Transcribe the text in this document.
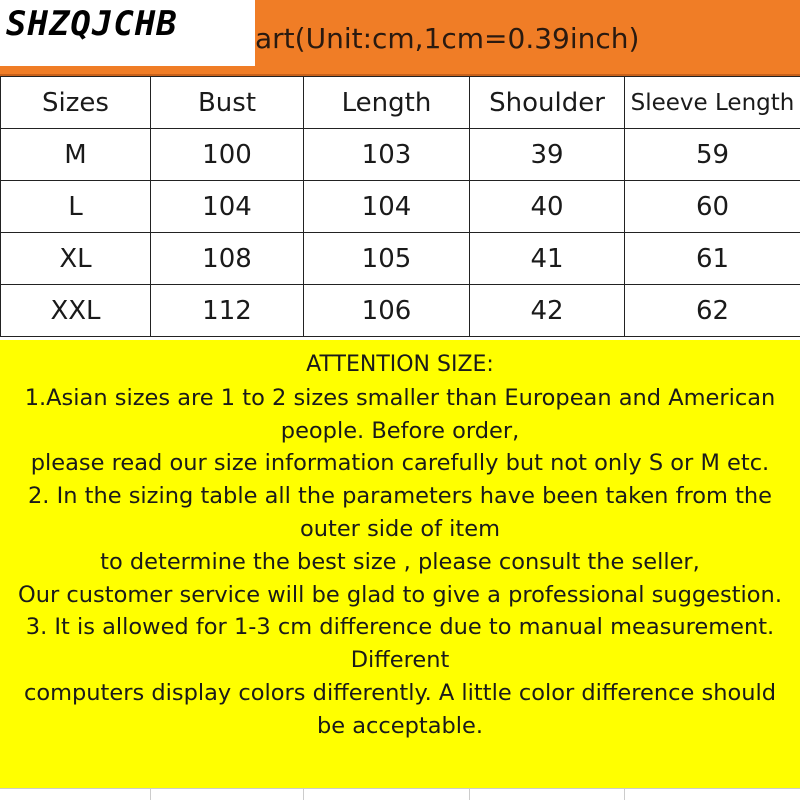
art(Unit:cm,1cm=0.39inch)
SHZQJCHB
Sizes	Bust	Length	Shoulder	Sleeve Length
M	100	103	39	59
L	104	104	40	60
XL	108	105	41	61
XXL	112	106	42	62
ATTENTION SIZE:
1.Asian sizes are 1 to 2 sizes smaller than European and American
people. Before order,
please read our size information carefully but not only S or M etc.
2. In the sizing table all the parameters have been taken from the
outer side of item
to determine the best size , please consult the seller,
Our customer service will be glad to give a professional suggestion.
3. It is allowed for 1-3 cm difference due to manual measurement.
Different
computers display colors differently. A little color difference should
be acceptable.
